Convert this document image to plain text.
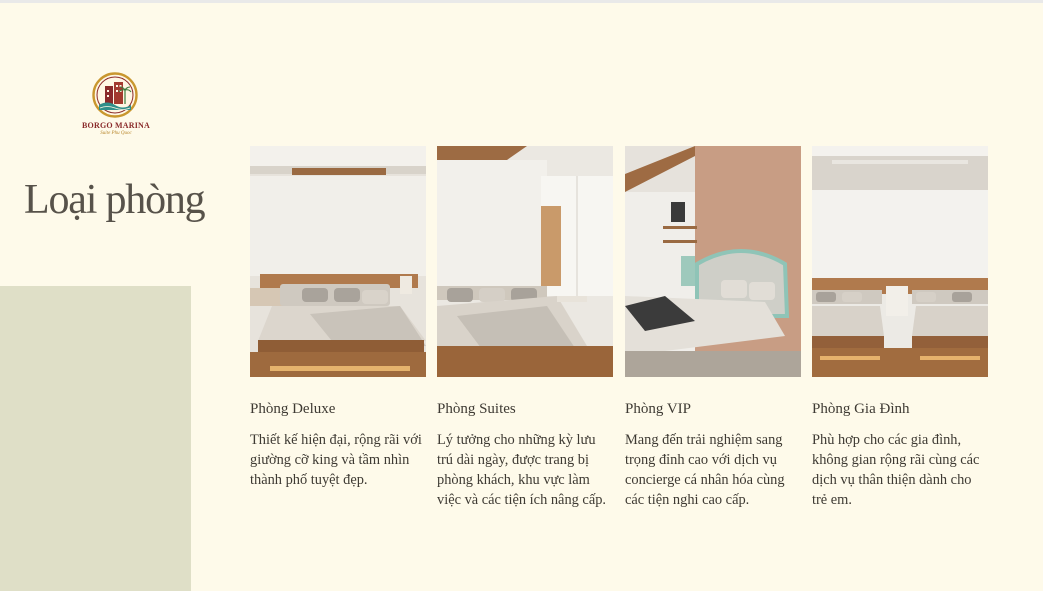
BORGO MARINA
Suite Phu Quoc
Loại phòng
Phòng Deluxe

Thiết kế hiện đại, rộng rãi với giường cỡ king và tầm nhìn thành phố tuyệt đẹp.

Phòng Suites

Lý tưởng cho những kỳ lưu trú dài ngày, được trang bị phòng khách, khu vực làm việc và các tiện ích nâng cấp.

Phòng VIP

Mang đến trải nghiệm sang trọng đỉnh cao với dịch vụ concierge cá nhân hóa cùng các tiện nghi cao cấp.

Phòng Gia Đình

Phù hợp cho các gia đình, không gian rộng rãi cùng các dịch vụ thân thiện dành cho trẻ em.
